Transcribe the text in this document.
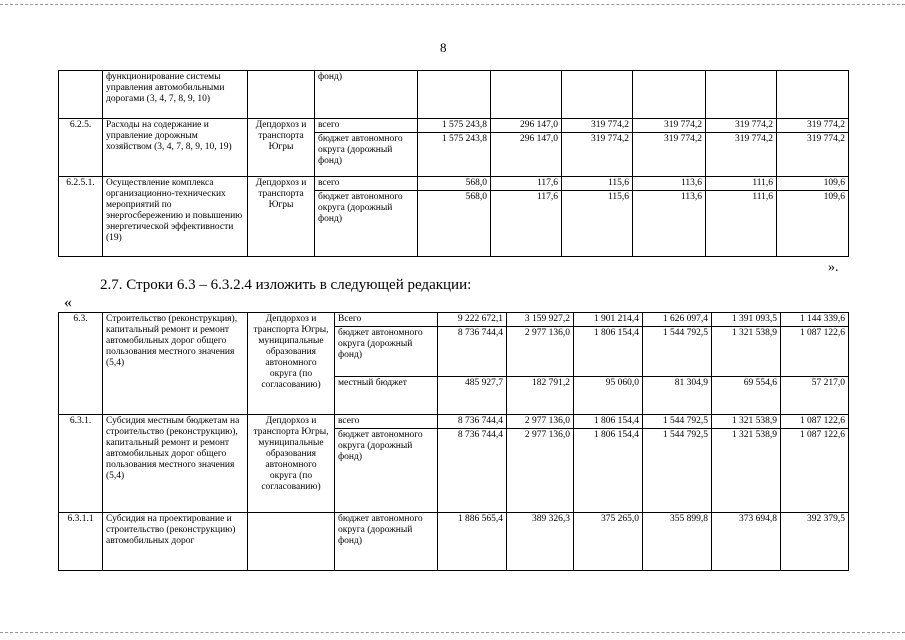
8
	функционирование системы управления автомобильными дорогами (3, 4, 7, 8, 9, 10)		фонд)						
6.2.5.	Расходы на содержание и управление дорожным хозяйством (3, 4, 7, 8, 9, 10, 19)	Депдорхоз и транспорта Югры	всего	1 575 243,8	296 147,0	319 774,2	319 774,2	319 774,2	319 774,2
			бюджет автономного округа (дорожный фонд)	1 575 243,8	296 147,0	319 774,2	319 774,2	319 774,2	319 774,2
6.2.5.1.	Осуществление комплекса организационно-технических мероприятий по энергосбережению и повышению энергетической эффективности (19)	Депдорхоз и транспорта Югры	всего	568,0	117,6	115,6	113,6	111,6	109,6
			бюджет автономного округа (дорожный фонд)	568,0	117,6	115,6	113,6	111,6	109,6
».
2.7. Строки 6.3 – 6.3.2.4 изложить в следующей редакции:
«
6.3.	Строительство (реконструкция), капитальный ремонт и ремонт автомобильных дорог общего пользования местного значения (5,4)	Депдорхоз и транспорта Югры, муниципальные образования автономного округа (по согласованию)	Всего	9 222 672,1	3 159 927,2	1 901 214,4	1 626 097,4	1 391 093,5	1 144 339,6
			бюджет автономного округа (дорожный фонд)	8 736 744,4	2 977 136,0	1 806 154,4	1 544 792,5	1 321 538,9	1 087 122,6
			местный бюджет	485 927,7	182 791,2	95 060,0	81 304,9	69 554,6	57 217,0
6.3.1.	Субсидия местным бюджетам на строительство (реконструкцию), капитальный ремонт и ремонт автомобильных дорог общего пользования местного значения (5,4)	Депдорхоз и транспорта Югры, муниципальные образования автономного округа (по согласованию)	всего	8 736 744,4	2 977 136,0	1 806 154,4	1 544 792,5	1 321 538,9	1 087 122,6
			бюджет автономного округа (дорожный фонд)	8 736 744,4	2 977 136,0	1 806 154,4	1 544 792,5	1 321 538,9	1 087 122,6
6.3.1.1	Субсидия на проектирование и строительство (реконструкцию) автомобильных дорог		бюджет автономного округа (дорожный фонд)	1 886 565,4	389 326,3	375 265,0	355 899,8	373 694,8	392 379,5
